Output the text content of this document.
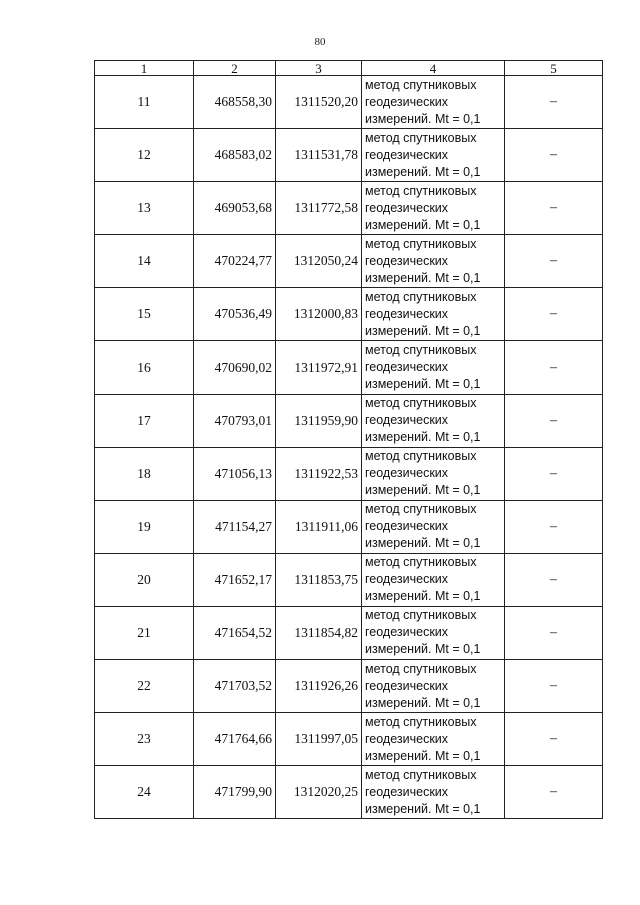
80
1	2	3	4	5
11	468558,30	1311520,20	метод спутниковых
геодезических
измерений. Mt = 0,1	–
12	468583,02	1311531,78	метод спутниковых
геодезических
измерений. Mt = 0,1	–
13	469053,68	1311772,58	метод спутниковых
геодезических
измерений. Mt = 0,1	–
14	470224,77	1312050,24	метод спутниковых
геодезических
измерений. Mt = 0,1	–
15	470536,49	1312000,83	метод спутниковых
геодезических
измерений. Mt = 0,1	–
16	470690,02	1311972,91	метод спутниковых
геодезических
измерений. Mt = 0,1	–
17	470793,01	1311959,90	метод спутниковых
геодезических
измерений. Mt = 0,1	–
18	471056,13	1311922,53	метод спутниковых
геодезических
измерений. Mt = 0,1	–
19	471154,27	1311911,06	метод спутниковых
геодезических
измерений. Mt = 0,1	–
20	471652,17	1311853,75	метод спутниковых
геодезических
измерений. Mt = 0,1	–
21	471654,52	1311854,82	метод спутниковых
геодезических
измерений. Mt = 0,1	–
22	471703,52	1311926,26	метод спутниковых
геодезических
измерений. Mt = 0,1	–
23	471764,66	1311997,05	метод спутниковых
геодезических
измерений. Mt = 0,1	–
24	471799,90	1312020,25	метод спутниковых
геодезических
измерений. Mt = 0,1	–
